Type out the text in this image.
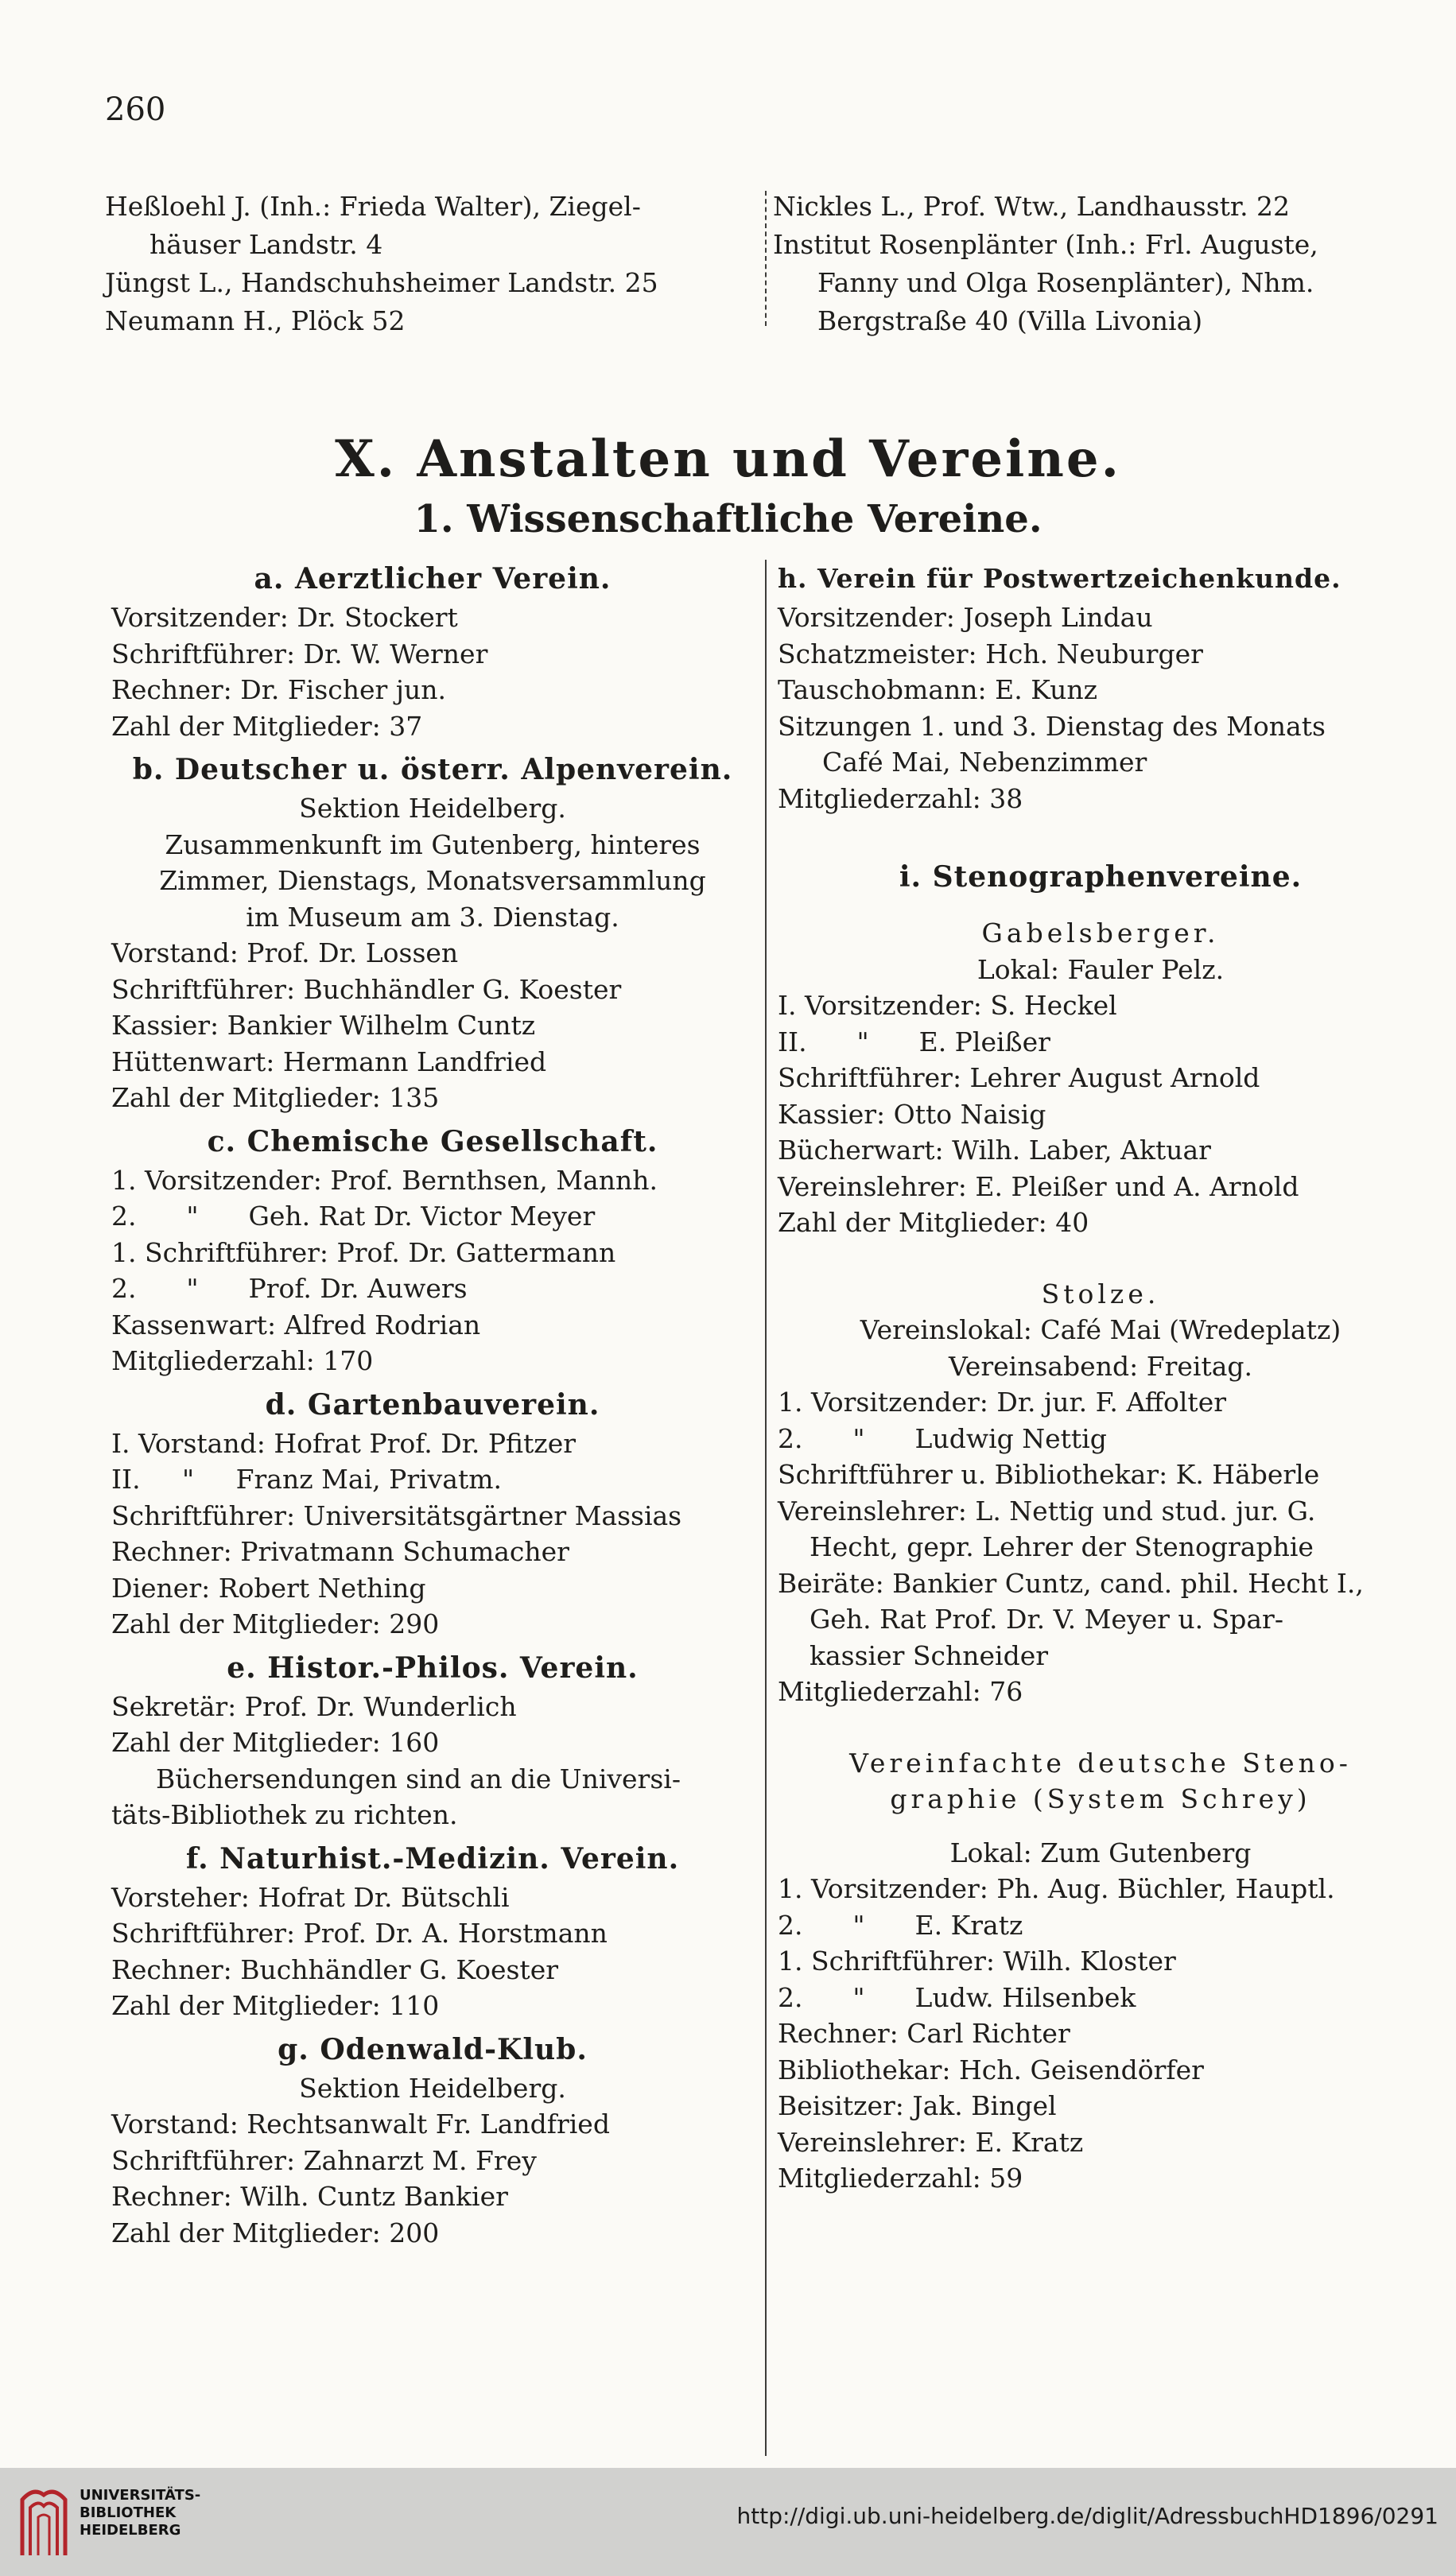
260
Heßloehl J. (Inh.: Frieda Walter), Ziegel-
häuser Landstr. 4
Jüngst L., Handschuhsheimer Landstr. 25
Neumann H., Plöck 52
Nickles L., Prof. Wtw., Landhausstr. 22
Institut Rosenplänter (Inh.: Frl. Auguste,
Fanny und Olga Rosenplänter), Nhm.
Bergstraße 40 (Villa Livonia)
X. Anstalten und Vereine.
1. Wissenschaftliche Vereine.
a. Aerztlicher Verein.
Vorsitzender: Dr. Stockert
Schriftführer: Dr. W. Werner
Rechner: Dr. Fischer jun.
Zahl der Mitglieder: 37
b. Deutscher u. österr. Alpenverein.
Sektion Heidelberg.
Zusammenkunft im Gutenberg, hinteres
Zimmer, Dienstags, Monatsversammlung
im Museum am 3. Dienstag.
Vorstand: Prof. Dr. Lossen
Schriftführer: Buchhändler G. Koester
Kassier: Bankier Wilhelm Cuntz
Hüttenwart: Hermann Landfried
Zahl der Mitglieder: 135
c. Chemische Gesellschaft.
1. Vorsitzender: Prof. Bernthsen, Mannh.
2.      "      Geh. Rat Dr. Victor Meyer
1. Schriftführer: Prof. Dr. Gattermann
2.      "      Prof. Dr. Auwers
Kassenwart: Alfred Rodrian
Mitgliederzahl: 170
d. Gartenbauverein.
I. Vorstand: Hofrat Prof. Dr. Pfitzer
II.     "     Franz Mai, Privatm.
Schriftführer: Universitätsgärtner Massias
Rechner: Privatmann Schumacher
Diener: Robert Nething
Zahl der Mitglieder: 290
e. Histor.-Philos. Verein.
Sekretär: Prof. Dr. Wunderlich
Zahl der Mitglieder: 160
Büchersendungen sind an die Universi-
täts-Bibliothek zu richten.
f. Naturhist.-Medizin. Verein.
Vorsteher: Hofrat Dr. Bütschli
Schriftführer: Prof. Dr. A. Horstmann
Rechner: Buchhändler G. Koester
Zahl der Mitglieder: 110
g. Odenwald-Klub.
Sektion Heidelberg.
Vorstand: Rechtsanwalt Fr. Landfried
Schriftführer: Zahnarzt M. Frey
Rechner: Wilh. Cuntz Bankier
Zahl der Mitglieder: 200
h. Verein für Postwertzeichenkunde.
Vorsitzender: Joseph Lindau
Schatzmeister: Hch. Neuburger
Tauschobmann: E. Kunz
Sitzungen 1. und 3. Dienstag des Monats
Café Mai, Nebenzimmer
Mitgliederzahl: 38
i. Stenographenvereine.
Gabelsberger.
Lokal: Fauler Pelz.
I. Vorsitzender: S. Heckel
II.      "      E. Pleißer
Schriftführer: Lehrer August Arnold
Kassier: Otto Naisig
Bücherwart: Wilh. Laber, Aktuar
Vereinslehrer: E. Pleißer und A. Arnold
Zahl der Mitglieder: 40
Stolze.
Vereinslokal: Café Mai (Wredeplatz)
Vereinsabend: Freitag.
1. Vorsitzender: Dr. jur. F. Affolter
2.      "      Ludwig Nettig
Schriftführer u. Bibliothekar: K. Häberle
Vereinslehrer: L. Nettig und stud. jur. G.
Hecht, gepr. Lehrer der Stenographie
Beiräte: Bankier Cuntz, cand. phil. Hecht I.,
Geh. Rat Prof. Dr. V. Meyer u. Spar-
kassier Schneider
Mitgliederzahl: 76
Vereinfachte deutsche Steno-
graphie (System Schrey)
Lokal: Zum Gutenberg
1. Vorsitzender: Ph. Aug. Büchler, Hauptl.
2.      "      E. Kratz
1. Schriftführer: Wilh. Kloster
2.      "      Ludw. Hilsenbek
Rechner: Carl Richter
Bibliothekar: Hch. Geisendörfer
Beisitzer: Jak. Bingel
Vereinslehrer: E. Kratz
Mitgliederzahl: 59
UNIVERSITÄTS-
BIBLIOTHEK
HEIDELBERG
http://digi.ub.uni-heidelberg.de/diglit/AdressbuchHD1896/0291
